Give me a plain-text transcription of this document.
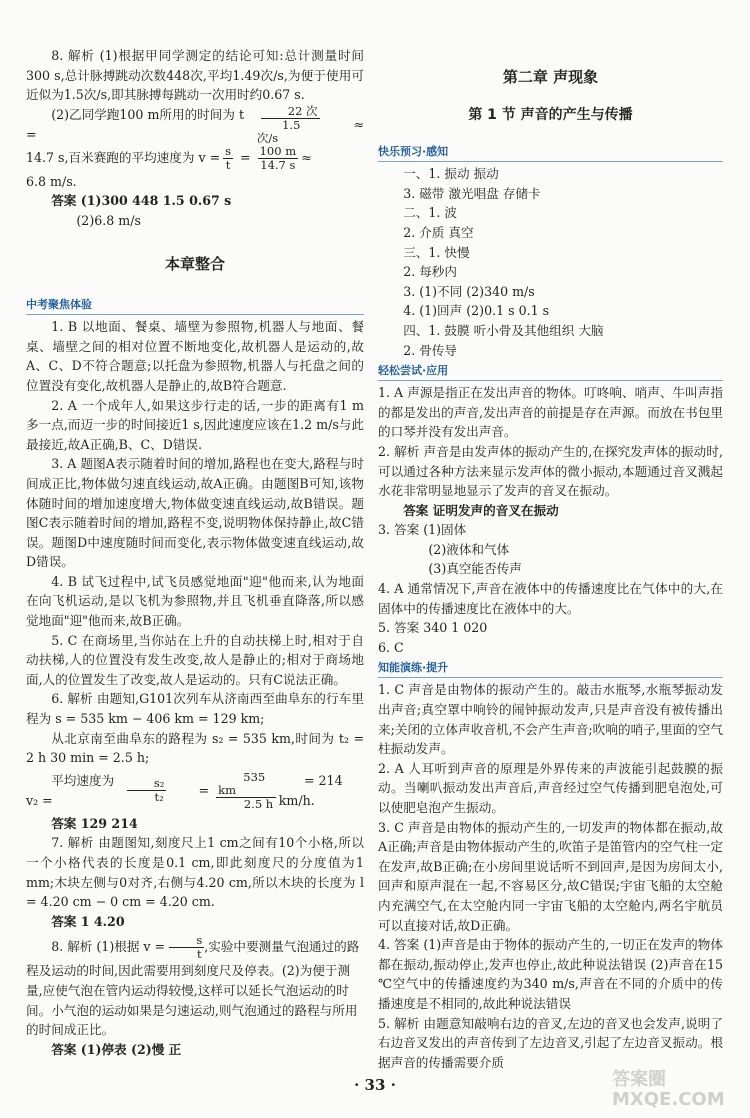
8. 解析 (1)根据甲同学测定的结论可知:总计测量时间300 s,总计脉搏跳动次数448次,平均1.49次/s,为便于使用可近似为1.5次/s,即其脉搏每跳动一次用时约0.67 s.

(2)乙同学跑100 m所用的时间为 t =	$\frac{\text{22 次}}{\text{1.5 次/s}}$	≈
14.7 s,百米赛跑的平均速度为 $v = \frac{s}{t} = \frac{100 m}{14.7 s}$ ≈

6.8 m/s.

答案 (1)300 448 1.5 0.67 s

(2)6.8 m/s

本章整合

中考聚焦体验

1. B 以地面、餐桌、墙壁为参照物,机器人与地面、餐桌、墙壁之间的相对位置不断地变化,故机器人是运动的,故A、C、D不符合题意;以托盘为参照物,机器人与托盘之间的位置没有变化,故机器人是静止的,故B符合题意.

2. A 一个成年人,如果这步行走的话,一步的距离有1 m多一点,而迈一步的时间接近1 s,因此速度应该在1.2 m/s与此最接近,故A正确,B、C、D错误.

3. A 题图A表示随着时间的增加,路程也在变大,路程与时间成正比,物体做匀速直线运动,故A正确。由题图B可知,该物体随时间的增加速度增大,物体做变速直线运动,故B错误。题图C表示随着时间的增加,路程不变,说明物体保持静止,故C错误。题图D中速度随时间而变化,表示物体做变速直线运动,故D错误。

4. B 试飞过程中,试飞员感觉地面"迎"他而来,认为地面在向飞机运动,是以飞机为参照物,并且飞机垂直降落,所以感觉地面"迎"他而来,故B正确。

5. C 在商场里,当你站在上升的自动扶梯上时,相对于自动扶梯,人的位置没有发生改变,故人是静止的;相对于商场地面,人的位置发生了改变,故人是运动的。只有C说法正确。

6. 解析 由题知,G101次列车从济南西至曲阜东的行车里程为 s = 535 km − 406 km = 129 km;

从北京南至曲阜东的路程为 s₂ = 535 km,时间为 t₂ = 2 h 30 min = 2.5 h;

平均速度为 v₂ =	$\frac{\text{s₂}}{\text{t₂}}$	= $\frac{535 km}{2.5 h}$	= 214 km/h.

答案 129 214

7. 解析 由题图知,刻度尺上1 cm之间有10个小格,所以一个小格代表的长度是0.1 cm,即此刻度尺的分度值为1 mm;木块左侧与0对齐,右侧与4.20 cm,所以木块的长度为 l = 4.20 cm − 0 cm = 4.20 cm.

答案 1 4.20

8. 解析 (1)根据 $v = \frac{s}{t}$ ,实验中要测量气泡通过的路程及运动的时间,因此需要用到刻度尺及停表。(2)为便于测量,应使气泡在管内运动得较慢,这样可以延长气泡运动的时间。小气泡的运动如果是匀速运动,则气泡通过的路程与所用的时间成正比。

答案 (1)停表 (2)慢 正

第二章 声现象

第 1 节 声音的产生与传播

快乐预习·感知

一、1. 振动 振动

3. 磁带 激光唱盘 存储卡

二、1. 波

2. 介质 真空

三、1. 快慢

2. 每秒内

3. (1)不同 (2)340 m/s

4. (1)回声 (2)0.1 s 0.1 s

四、1. 鼓膜 听小骨及其他组织 大脑

2. 骨传导

轻松尝试·应用

1. A 声源是指正在发出声音的物体。叮咚响、哨声、牛叫声指的都是发出的声音,发出声音的前提是存在声源。而放在书包里的口琴并没有发出声音。

2. 解析 声音是由发声体的振动产生的,在探究发声体的振动时,可以通过各种方法来显示发声体的微小振动,本题通过音叉溅起水花非常明显地显示了发声的音叉在振动。

答案 证明发声的音叉在振动

3. 答案 (1)固体

(2)液体和气体

(3)真空能否传声

4. A 通常情况下,声音在液体中的传播速度比在气体中的大,在固体中的传播速度比在液体中的大。

5. 答案 340 1 020

6. C

知能演练·提升

1. C 声音是由物体的振动产生的。敲击水瓶琴,水瓶琴振动发出声音;真空罩中响铃的闹钟振动发声,只是声音没有被传播出来;关闭的立体声收音机,不会产生声音;吹响的哨子,里面的空气柱振动发声。

2. A 人耳听到声音的原理是外界传来的声波能引起鼓膜的振动。当喇叭振动发出声音后,声音经过空气传播到肥皂泡处,可以使肥皂泡产生振动。

3. C 声音是由物体的振动产生的,一切发声的物体都在振动,故A正确;声音是由物体振动产生的,吹笛子是笛管内的空气柱一定在发声,故B正确;在小房间里说话听不到回声,是因为房间太小,回声和原声混在一起,不容易区分,故C错误;宇宙飞船的太空舱内充满空气,在太空舱内同一宇宙飞船的太空舱内,两名宇航员可以直接对话,故D正确。

4. 答案 (1)声音是由于物体的振动产生的,一切正在发声的物体都在振动,振动停止,发声也停止,故此种说法错误 (2)声音在15 ℃空气中的传播速度约为340 m/s,声音在不同的介质中的传播速度是不相同的,故此种说法错误

5. 解析 由题意知敲响右边的音叉,左边的音叉也会发声,说明了右边音叉发出的声音传到了左边音叉,引起了左边音叉振动。根据声音的传播需要介质

· 33 ·	答案圈 MXQE.COM
